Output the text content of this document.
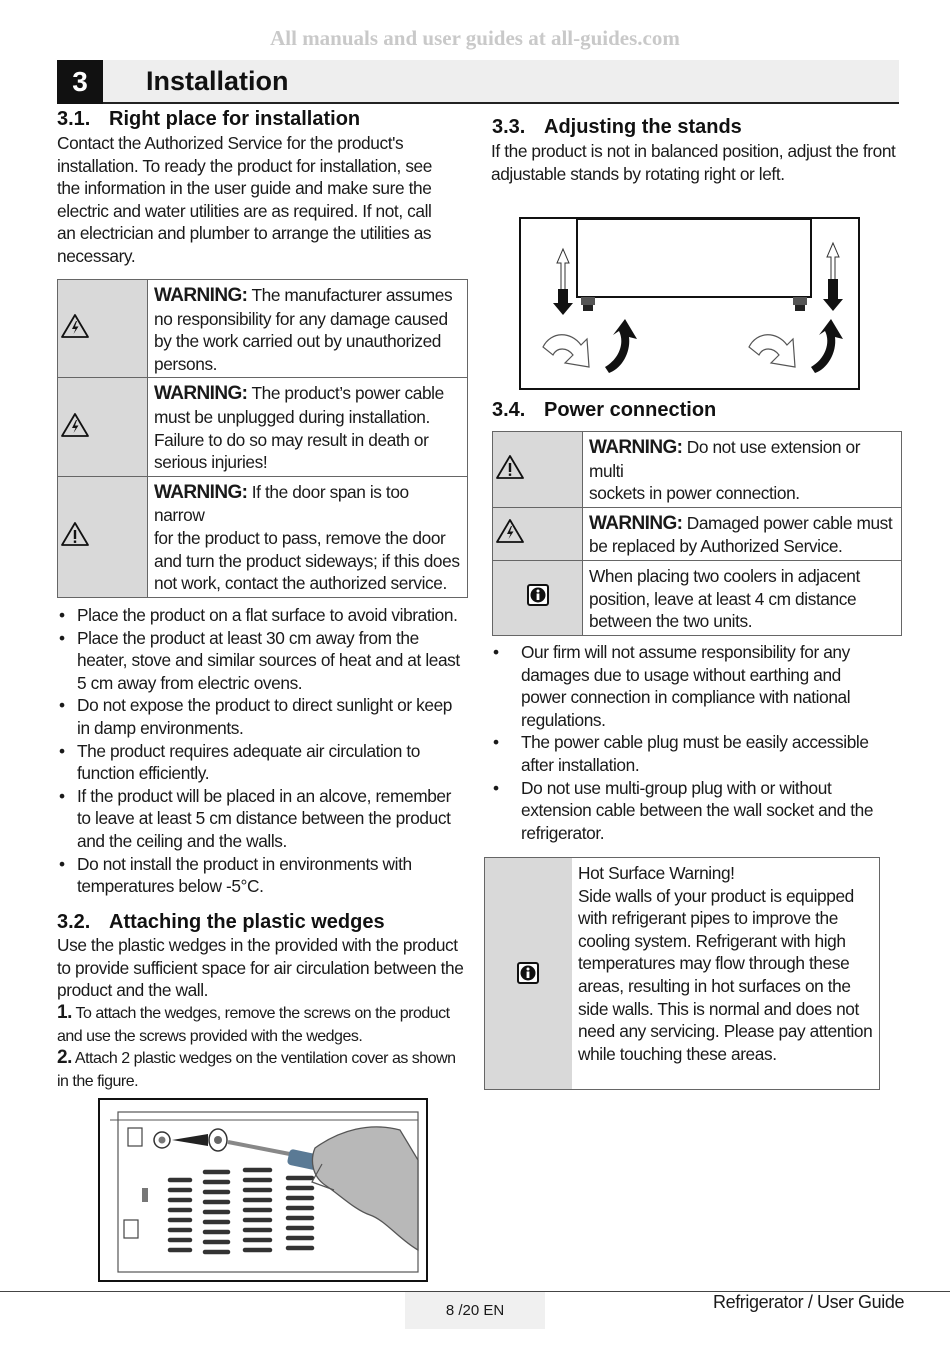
All manuals and user guides at all-guides.com
3	Installation
3.1. Right place for installation
Contact the Authorized Service for the product's
installation. To ready the product for installation, see
the information in the user guide and make sure the
electric and water utilities are as required. If not, call
an electrician and plumber to arrange the utilities as
necessary.

WARNING: The manufacturer assumes
no responsibility for any damage caused
by the work carried out by unauthorized
persons.

WARNING: The product’s power cable
must be unplugged during installation.
Failure to do so may result in death or
serious injuries!

WARNING: If the door span is too narrow
for the product to pass, remove the door
and turn the product sideways; if this does
not work, contact the authorized service.
• Place the product on a flat surface to avoid vibration.
• Place the product at least 30 cm away from the
heater, stove and similar sources of heat and at least
5 cm away from electric ovens.
• Do not expose the product to direct sunlight or keep
in damp environments.
• The product requires adequate air circulation to
function efficiently.
• If the product will be placed in an alcove, remember
to leave at least 5 cm distance between the product
and the ceiling and the walls.
• Do not install the product in environments with
temperatures below -5°C.
3.2. Attaching the plastic wedges
Use the plastic wedges in the provided with the product
to provide sufficient space for air circulation between the
product and the wall.
1. To attach the wedges, remove the screws on the product
and use the screws provided with the wedges.
2. Attach 2 plastic wedges on the ventilation cover as shown
in the figure.
3.3. Adjusting the stands
If the product is not in balanced position, adjust the front
adjustable stands by rotating right or left.
3.4. Power connection

WARNING: Do not use extension or multi
sockets in power connection.

WARNING: Damaged power cable must
be replaced by Authorized Service.

When placing two coolers in adjacent
position, leave at least 4 cm distance
between the two units.
• Our firm will not assume responsibility for any
damages due to usage without earthing and
power connection in compliance with national
regulations.
• The power cable plug must be easily accessible
after installation.
• Do not use multi-group plug with or without
extension cable between the wall socket and the
refrigerator.
Hot Surface Warning!
Side walls of your product is equipped
with refrigerant pipes to improve the
cooling system. Refrigerant with high
temperatures may flow through these
areas, resulting in hot surfaces on the
side walls. This is normal and does not
need any servicing. Please pay attention
while touching these areas.
8 /20 EN	Refrigerator / User Guide
